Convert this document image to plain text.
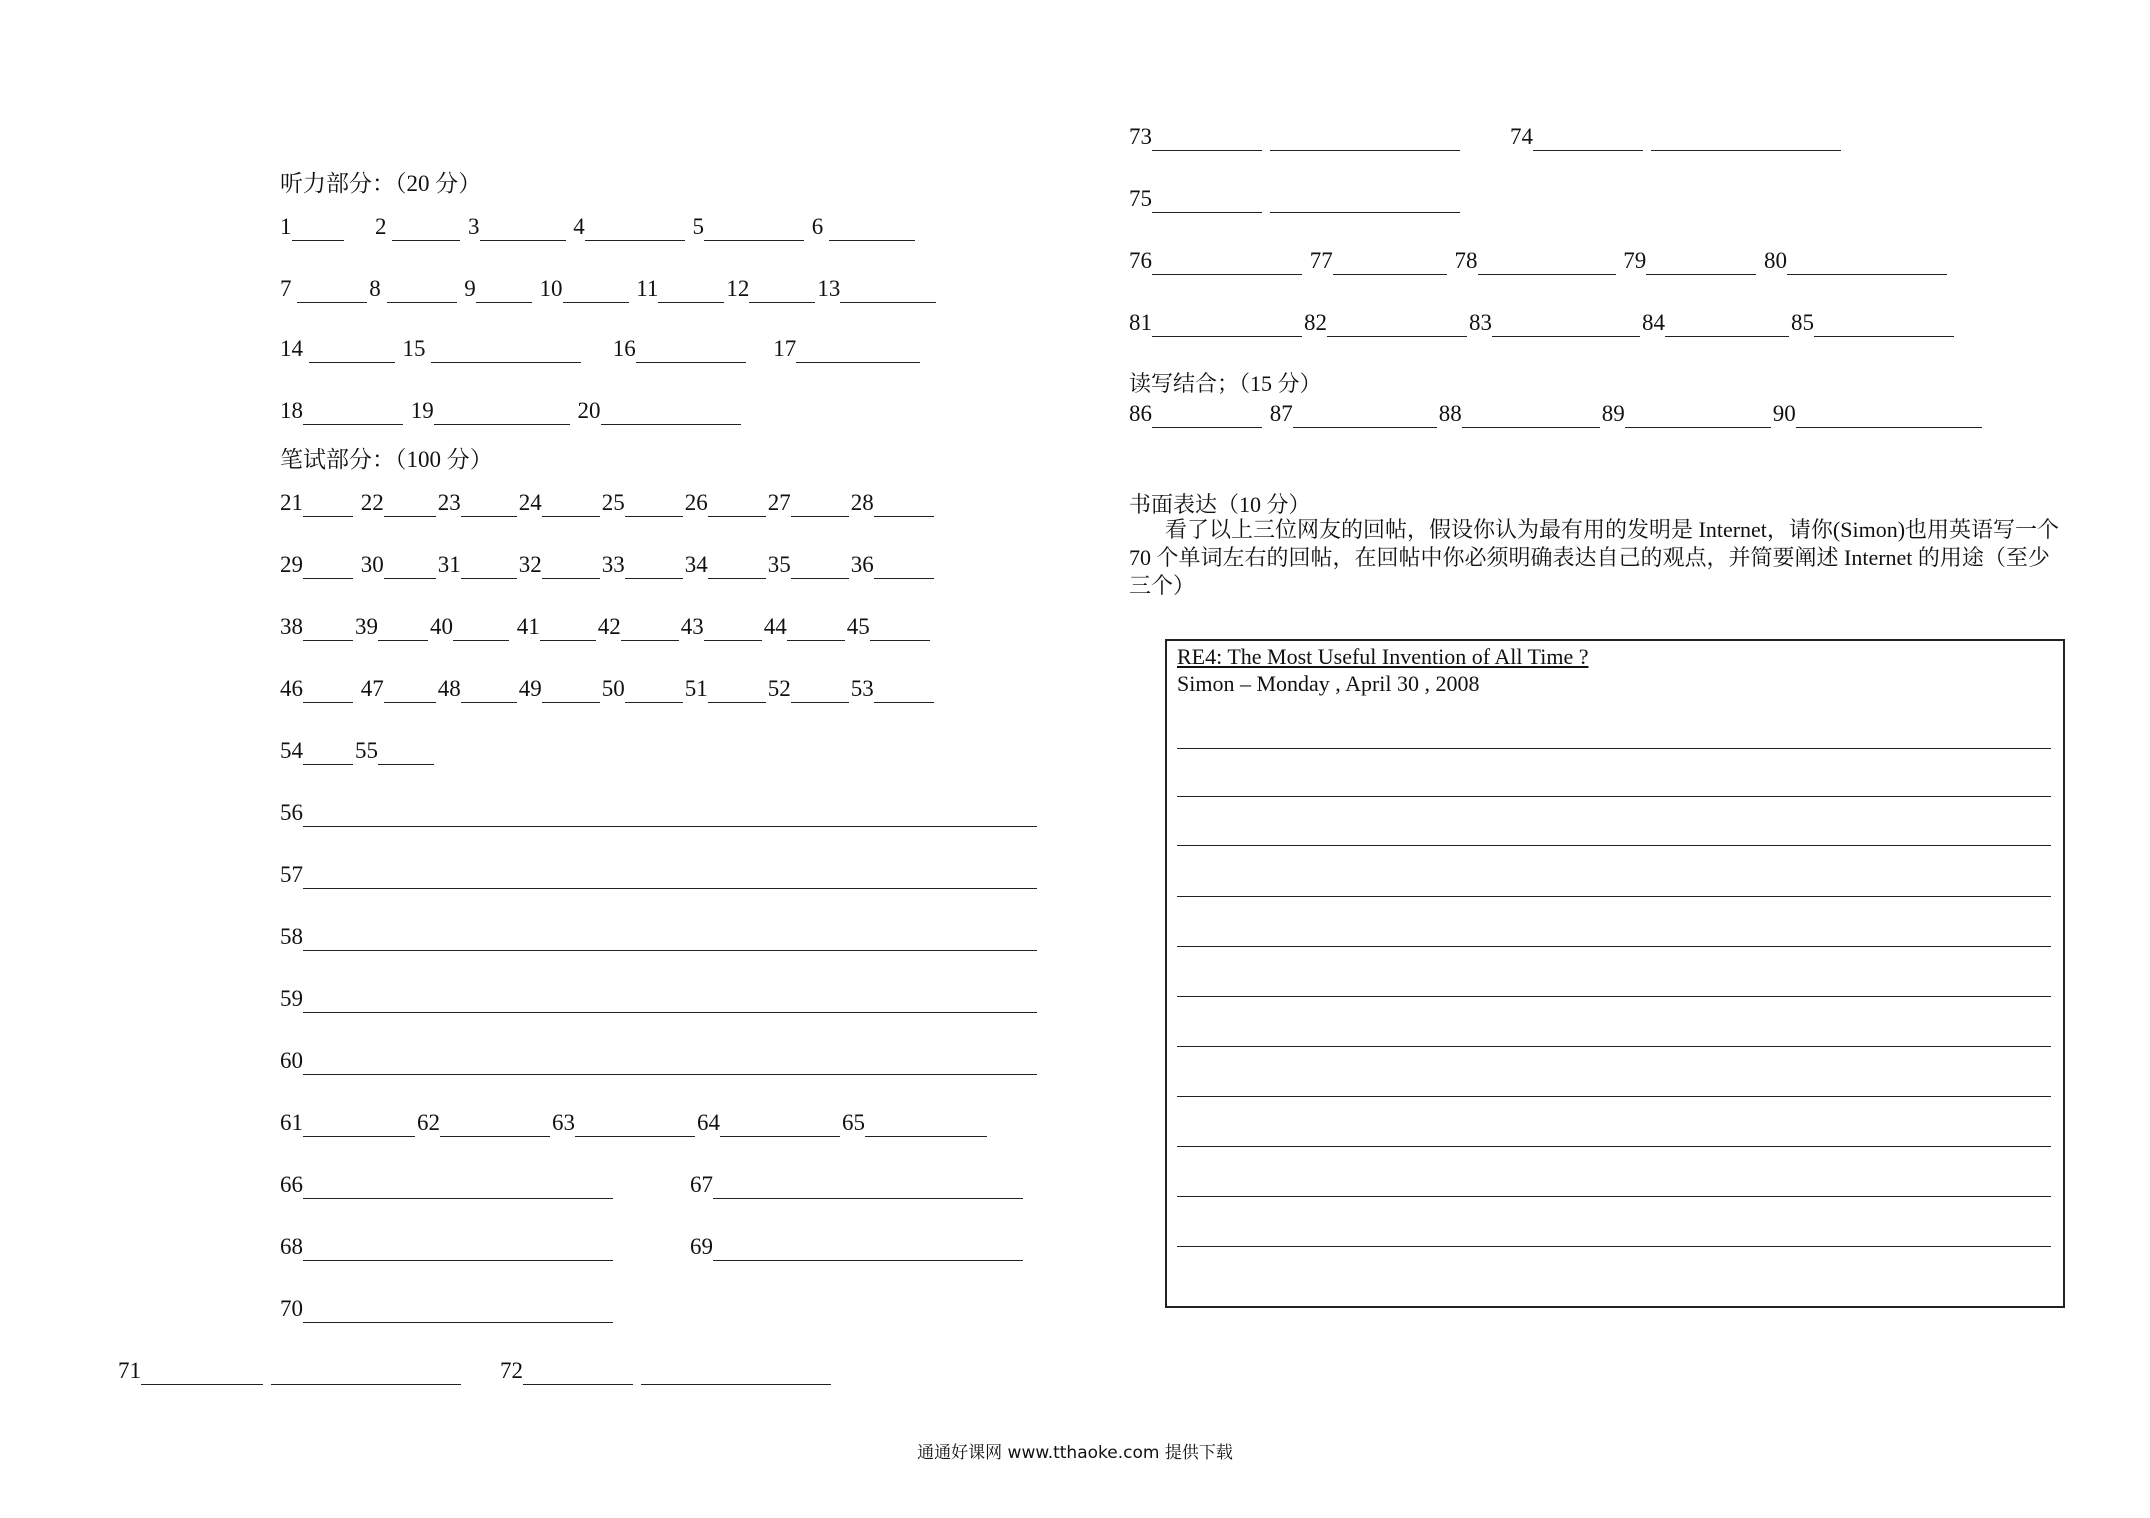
听力部分：（20 分）
1	2	3	4	5	6
7	8	9	10	11	12	13
14	15	16	17
18	19	20
笔试部分：（100 分）
21	22 23	24	25	26	27	28
29	30 31	32	33	34	35	36
38 39 40	41	42	43	44	45
46	47 48	49	50	51	52	53
54 55
56
57
58
59
60
61	62	63	64	65
66	67
68	69
70
71	72
73	74
75
76	77	78	79	80
81	82	83	84	85
读写结合；（15 分）
86	87	88	89	90
书面表达（10 分）
看了以上三位网友的回帖，假设你认为最有用的发明是 Internet，请你(Simon)也用英语写一个
70 个单词左右的回帖，在回帖中你必须明确表达自己的观点，并简要阐述 Internet 的用途（至少
三个）
RE4: The Most Useful Invention of All Time ?
Simon – Monday , April 30 , 2008
通通好课网 www.tthaoke.com 提供下载
